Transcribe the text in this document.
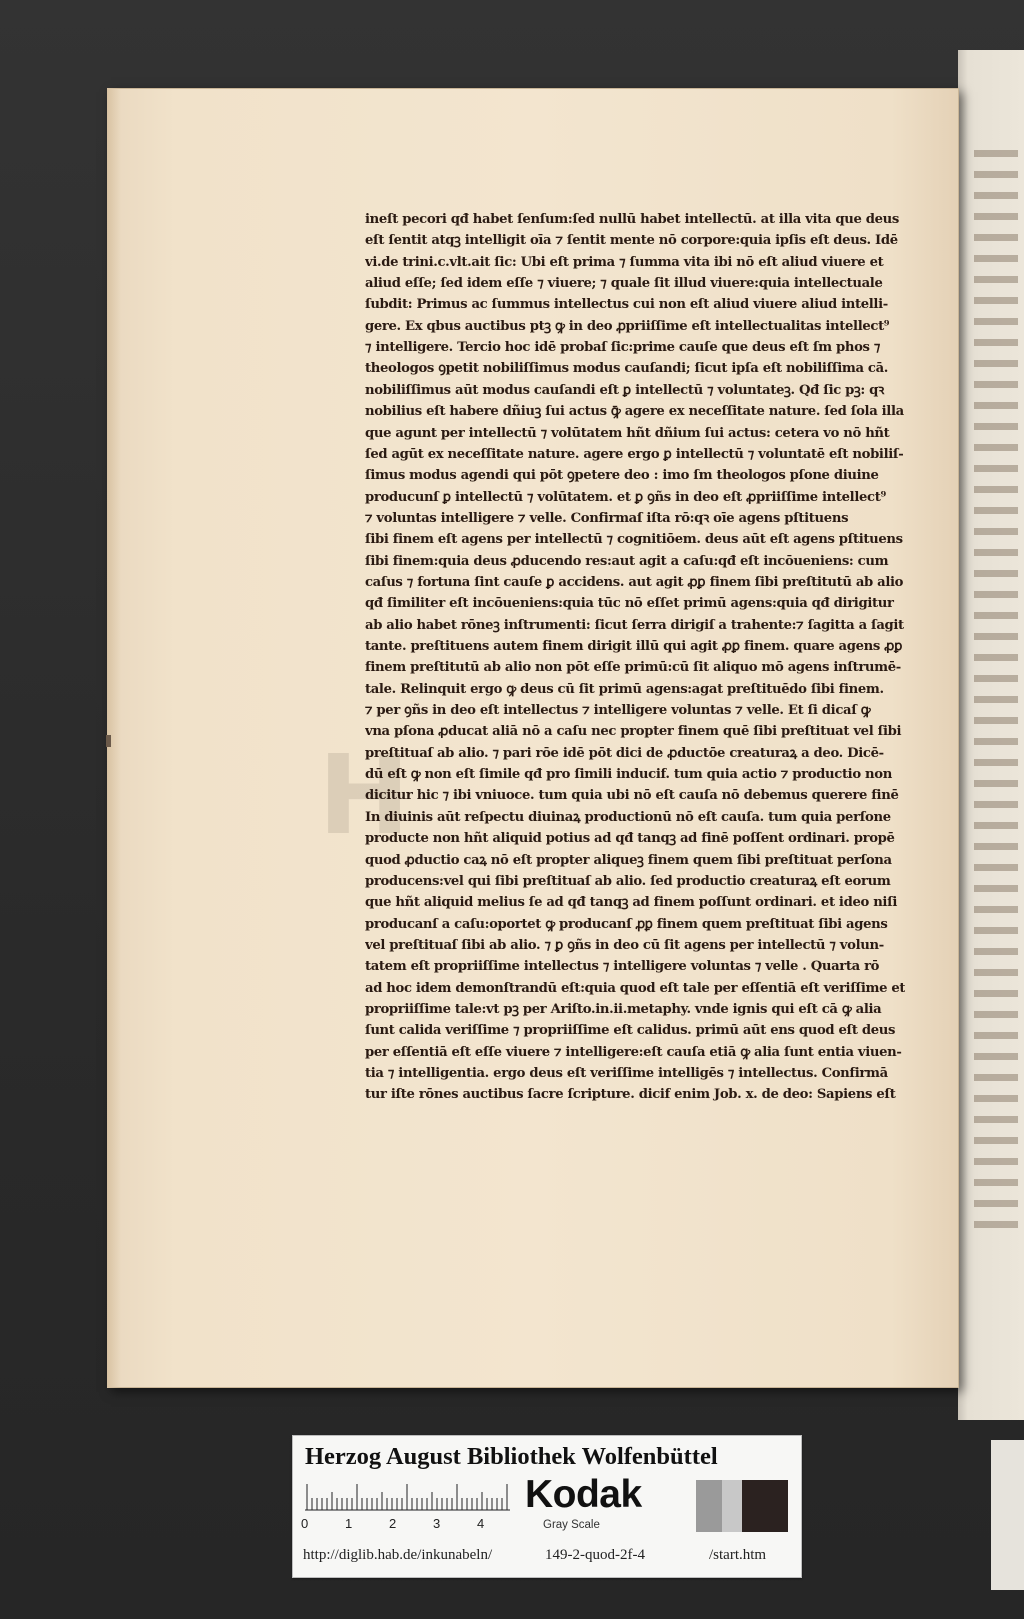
H
ineſt pecori qđ habet ſenſum:ſed nullū habet intellectū. at illa vita que deus
eſt ſentit atqꝫ intelligit oīa ⁊ ſentit mente nō corpore:quia ipſis eſt deus. Idē
vi.de trini.c.vlt.ait ſic: Ubi eſt prima ⁊ ſumma vita ibi nō eſt aliud viuere et
aliud eſſe; ſed idem eſſe ⁊ viuere; ⁊ quale ſit illud viuere:quia intellectuale
ſubdit: Primus ac ſummus intellectus cui non eſt aliud viuere aliud intelli-
gere. Ex qbus auctibus ptꝫ ꝙ in deo ꝓpriiſſime eſt intellectualitas intellect⁹
⁊ intelligere. Tercio hoc idē probaſ ſic:prime cauſe que deus eſt ſm phos ⁊
theologos ꝯpetit nobiliſſimus modus cauſandi; ſicut ipſa eſt nobiliſſima cā.
nobiliſſimus aūt modus cauſandi eſt ꝑ intellectū ⁊ voluntateꝫ. Qđ ſic pꝫ: qꝛ
nobilius eſt habere dñiuꝫ ſui actus ꝙ̄ agere ex neceſſitate nature. ſed ſola illa
que agunt per intellectū ⁊ volūtatem hñt dñium ſui actus: cetera vo nō hñt
ſed agūt ex neceſſitate nature. agere ergo ꝑ intellectū ⁊ voluntatē eſt nobiliſ-
ſimus modus agendi qui pōt ꝯpetere deo : imo ſm theologos pſone diuine
producunſ ꝑ intellectū ⁊ volūtatem. et ꝑ ꝯñs in deo eſt ꝓpriiſſime intellect⁹
⁊ voluntas intelligere ⁊ velle. Confirmaſ iſta rō:qꝛ oīe agens pſtituens
ſibi finem eſt agens per intellectū ⁊ cognitiōem. deus aūt eſt agens pſtituens
ſibi finem:quia deus ꝓducendo res:aut agit a caſu:qđ eſt incōueniens: cum
caſus ⁊ fortuna ſint cauſe ꝑ accidens. aut agit ꝓꝑ finem ſibi preſtitutū ab alio
qđ ſimiliter eſt incōueniens:quia tūc nō eſſet primū agens:quia qđ dirigitur
ab alio habet rōneꝫ inſtrumenti: ſicut ſerra dirigiſ a trahente:⁊ ſagitta a ſagit
tante. preſtituens autem finem dirigit illū qui agit ꝓꝑ finem. quare agens ꝓꝑ
finem preſtitutū ab alio non pōt eſſe primū:cū ſit aliquo mō agens inſtrumē-
tale. Relinquit ergo ꝙ deus cū ſit primū agens:agat preſtituēdo ſibi finem.
⁊ per ꝯñs in deo eſt intellectus ⁊ intelligere voluntas ⁊ velle. Et ſi dicaſ ꝙ
vna pſona ꝓducat aliā nō a caſu nec propter finem quē ſibi preſtituat vel ſibi
preſtituaſ ab alio. ⁊ pari rōe idē pōt dici de ꝓductōe creaturaꝝ a deo. Dicē-
dū eſt ꝙ non eſt ſimile qđ pro ſimili inducif. tum quia actio ⁊ productio non
dicitur hic ⁊ ibi vniuoce. tum quia ubi nō eſt cauſa nō debemus querere finē
In diuinis aūt reſpectu diuinaꝝ productionū nō eſt cauſa. tum quia perſone
producte non hñt aliquid potius ad qđ tanqꝫ ad finē poſſent ordinari. propē
quod ꝓductio caꝝ nō eſt propter aliqueꝫ finem quem ſibi preſtituat perſona
producens:vel qui ſibi preſtituaſ ab alio. ſed productio creaturaꝝ eſt eorum
que hñt aliquid melius ſe ad qđ tanqꝫ ad finem poſſunt ordinari. et ideo niſi
producanſ a caſu:oportet ꝙ producanſ ꝓꝑ finem quem preſtituat ſibi agens
vel preſtituaſ ſibi ab alio. ⁊ ꝑ ꝯñs in deo cū ſit agens per intellectū ⁊ volun-
tatem eſt propriiſſime intellectus ⁊ intelligere voluntas ⁊ velle . Quarta rō
ad hoc idem demonſtrandū eſt:quia quod eſt tale per eſſentiā eſt veriſſime et
propriiſſime tale:vt pꝫ per Ariſto.in.ii.metaphy. vnde ignis qui eſt cā ꝙ alia
ſunt calida veriſſime ⁊ propriiſſime eſt calidus. primū aūt ens quod eſt deus
per eſſentiā eſt eſſe viuere ⁊ intelligere:eſt cauſa etiā ꝙ alia ſunt entia viuen-
tia ⁊ intelligentia. ergo deus eſt veriſſime intelligēs ⁊ intellectus. Confirmā
tur iſte rōnes auctibus ſacre ſcripture. dicif enim Job. x. de deo: Sapiens eſt
Herzog August Bibliothek Wolfenbüttel
0	1	2	3	4
Kodak
Gray Scale
http://diglib.hab.de/inkunabeln/	149-2-quod-2f-4	/start.htm
